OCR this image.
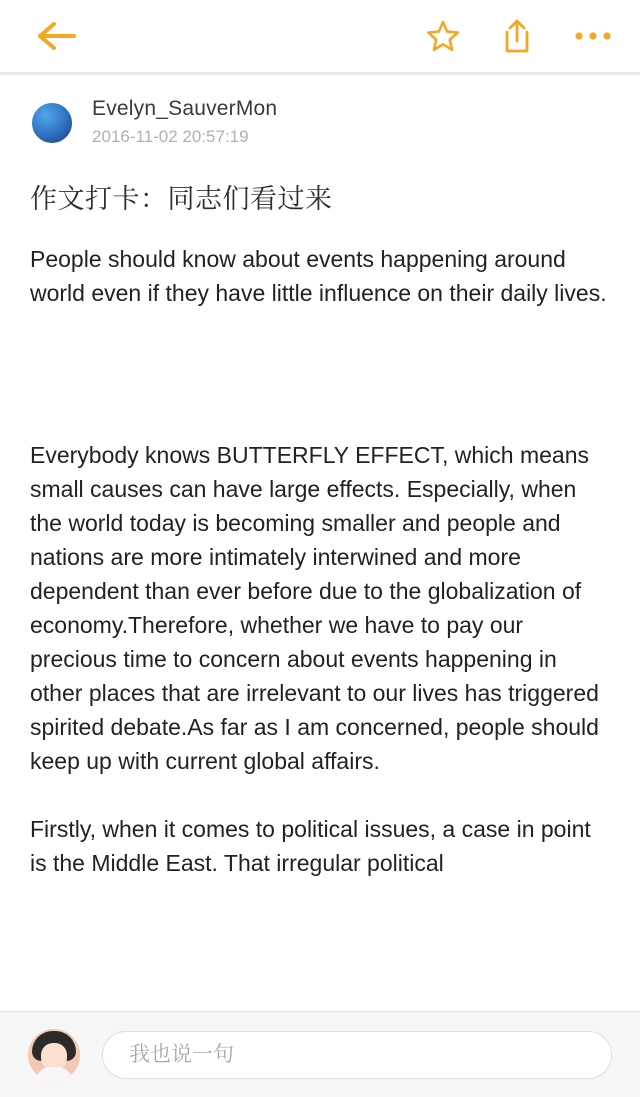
Evelyn_SauverMon
2016-11-02 20:57:19
作文打卡：同志们看过来

People should know about events happening around world even if they have little influence on their daily lives.

Everybody knows BUTTERFLY EFFECT, which means small causes can have large effects. Especially, when the world today is becoming smaller and people and nations are more intimately interwined and more dependent than ever before due to the globalization of economy.Therefore, whether we have to pay our precious time to concern about events happening in other places that are irrelevant to our lives has triggered spirited debate.As far as I am concerned, people should keep up with current global affairs.

Firstly, when it comes to political issues, a case in point is the Middle East. That irregular political

我也说一句
